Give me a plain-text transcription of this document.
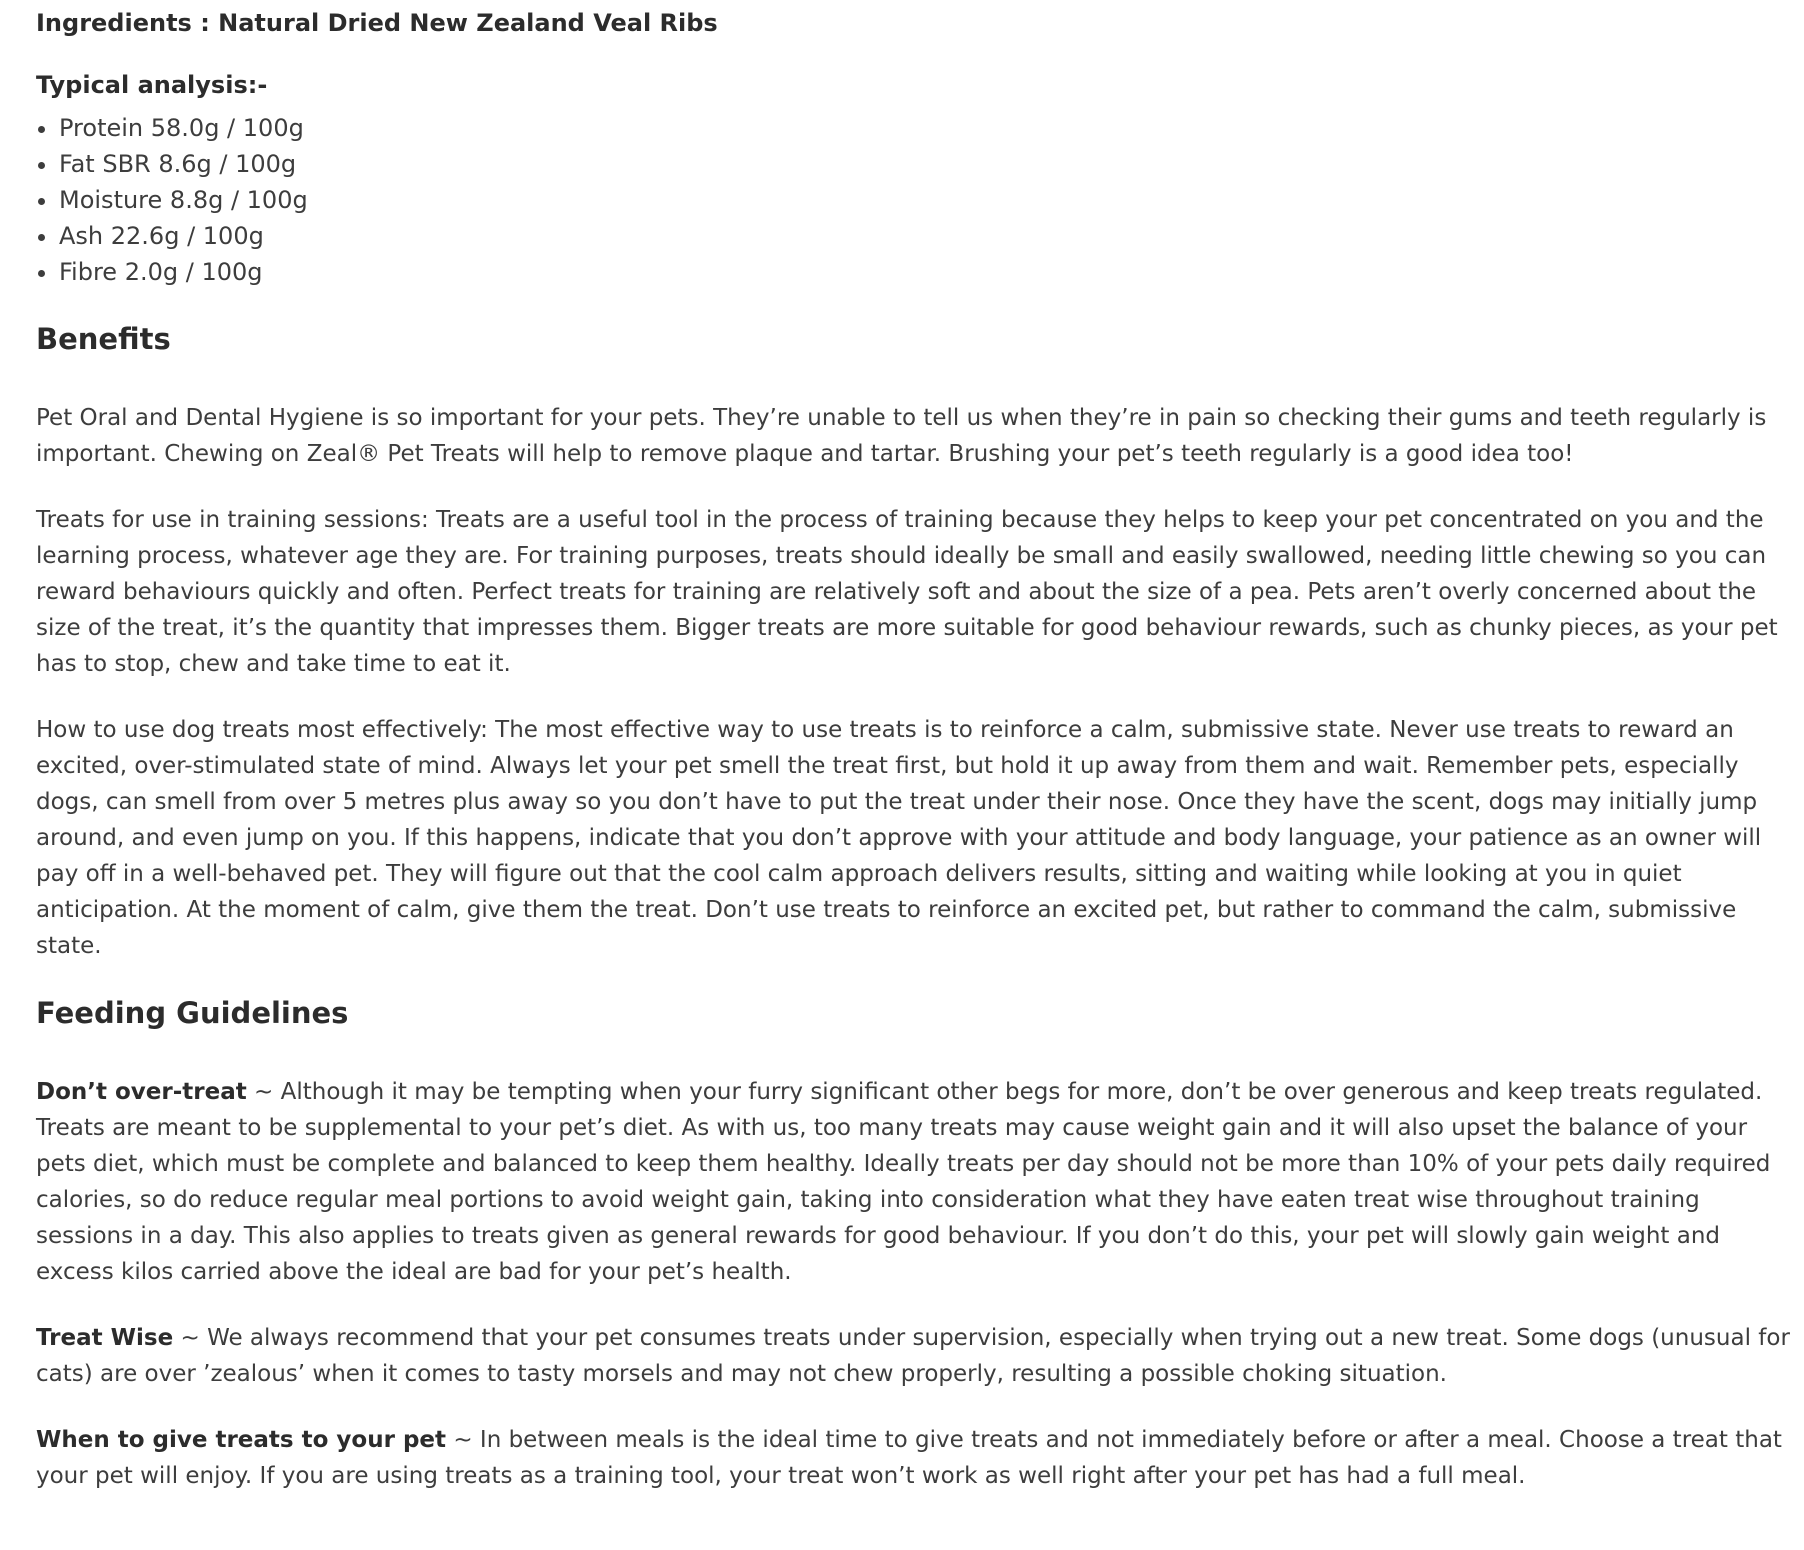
Ingredients : Natural Dried New Zealand Veal Ribs
Typical analysis:-
• Protein 58.0g / 100g
• Fat SBR 8.6g / 100g
• Moisture 8.8g / 100g
• Ash 22.6g / 100g
• Fibre 2.0g / 100g
Benefits

Pet Oral and Dental Hygiene is so important for your pets. They’re unable to tell us when they’re in pain so checking their gums and teeth regularly is important. Chewing on Zeal® Pet Treats will help to remove plaque and tartar. Brushing your pet’s teeth regularly is a good idea too!

Treats for use in training sessions: Treats are a useful tool in the process of training because they helps to keep your pet concentrated on you and the learning process, whatever age they are. For training purposes, treats should ideally be small and easily swallowed, needing little chewing so you can reward behaviours quickly and often. Perfect treats for training are relatively soft and about the size of a pea. Pets aren’t overly concerned about the size of the treat, it’s the quantity that impresses them. Bigger treats are more suitable for good behaviour rewards, such as chunky pieces, as your pet has to stop, chew and take time to eat it.

How to use dog treats most effectively: The most effective way to use treats is to reinforce a calm, submissive state. Never use treats to reward an excited, over-stimulated state of mind. Always let your pet smell the treat first, but hold it up away from them and wait. Remember pets, especially dogs, can smell from over 5 metres plus away so you don’t have to put the treat under their nose. Once they have the scent, dogs may initially jump around, and even jump on you. If this happens, indicate that you don’t approve with your attitude and body language, your patience as an owner will pay off in a well-behaved pet. They will figure out that the cool calm approach delivers results, sitting and waiting while looking at you in quiet anticipation. At the moment of calm, give them the treat. Don’t use treats to reinforce an excited pet, but rather to command the calm, submissive state.

Feeding Guidelines

Don’t over-treat ~ Although it may be tempting when your furry significant other begs for more, don’t be over generous and keep treats regulated. Treats are meant to be supplemental to your pet’s diet. As with us, too many treats may cause weight gain and it will also upset the balance of your pets diet, which must be complete and balanced to keep them healthy. Ideally treats per day should not be more than 10% of your pets daily required calories, so do reduce regular meal portions to avoid weight gain, taking into consideration what they have eaten treat wise throughout training sessions in a day. This also applies to treats given as general rewards for good behaviour. If you don’t do this, your pet will slowly gain weight and excess kilos carried above the ideal are bad for your pet’s health.

Treat Wise ~ We always recommend that your pet consumes treats under supervision, especially when trying out a new treat. Some dogs (unusual for cats) are over ’zealous’ when it comes to tasty morsels and may not chew properly, resulting a possible choking situation.

When to give treats to your pet ~ In between meals is the ideal time to give treats and not immediately before or after a meal. Choose a treat that your pet will enjoy. If you are using treats as a training tool, your treat won’t work as well right after your pet has had a full meal.
